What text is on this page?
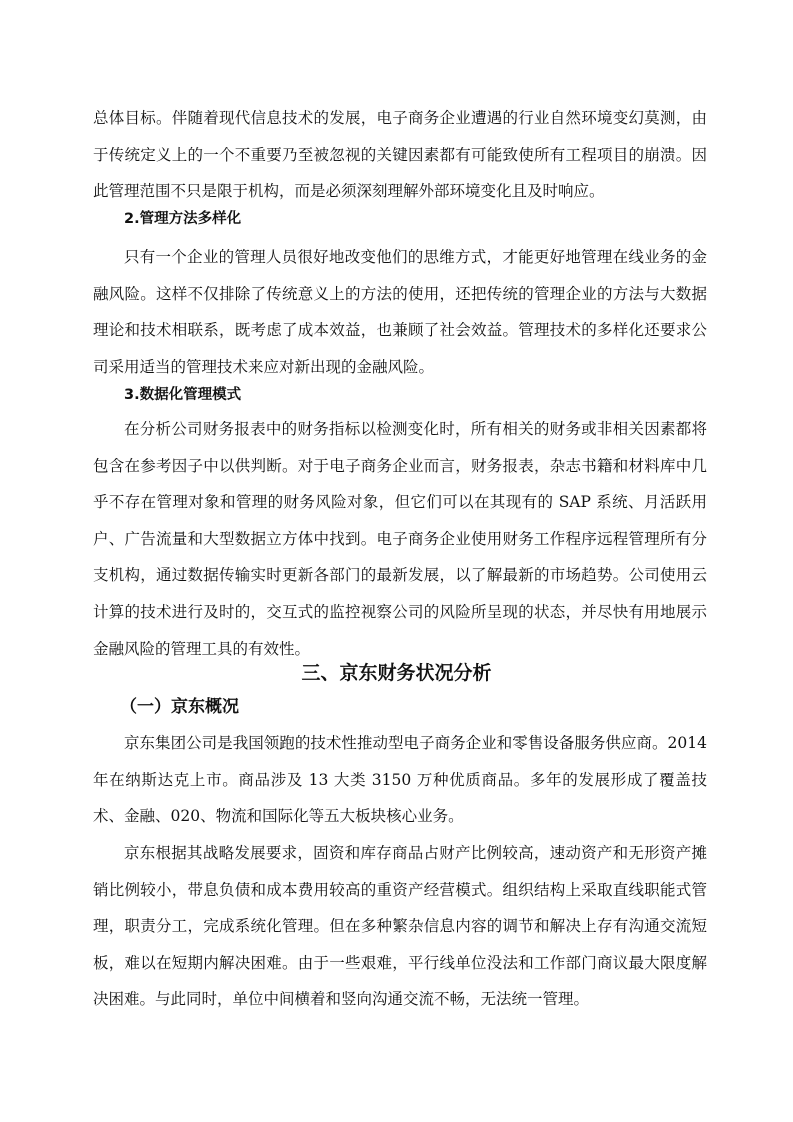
总体目标。伴随着现代信息技术的发展，电子商务企业遭遇的行业自然环境变幻莫测，由于传统定义上的一个不重要乃至被忽视的关键因素都有可能致使所有工程项目的崩溃。因此管理范围不只是限于机构，而是必须深刻理解外部环境变化且及时响应。

2.管理方法多样化

只有一个企业的管理人员很好地改变他们的思维方式，才能更好地管理在线业务的金融风险。这样不仅排除了传统意义上的方法的使用，还把传统的管理企业的方法与大数据理论和技术相联系，既考虑了成本效益，也兼顾了社会效益。管理技术的多样化还要求公司采用适当的管理技术来应对新出现的金融风险。

3.数据化管理模式

在分析公司财务报表中的财务指标以检测变化时，所有相关的财务或非相关因素都将包含在参考因子中以供判断。对于电子商务企业而言，财务报表，杂志书籍和材料库中几乎不存在管理对象和管理的财务风险对象，但它们可以在其现有的 SAP 系统、月活跃用户、广告流量和大型数据立方体中找到。电子商务企业使用财务工作程序远程管理所有分支机构，通过数据传输实时更新各部门的最新发展，以了解最新的市场趋势。公司使用云计算的技术进行及时的，交互式的监控视察公司的风险所呈现的状态，并尽快有用地展示金融风险的管理工具的有效性。

三、京东财务状况分析
（一）京东概况

京东集团公司是我国领跑的技术性推动型电子商务企业和零售设备服务供应商。2014 年在纳斯达克上市。商品涉及 13 大类 3150 万种优质商品。多年的发展形成了覆盖技术、金融、020、物流和国际化等五大板块核心业务。

京东根据其战略发展要求，固资和库存商品占财产比例较高，速动资产和无形资产摊销比例较小，带息负债和成本费用较高的重资产经营模式。组织结构上采取直线职能式管理，职责分工，完成系统化管理。但在多种繁杂信息内容的调节和解决上存有沟通交流短板，难以在短期内解决困难。由于一些艰难，平行线单位没法和工作部门商议最大限度解决困难。与此同时，单位中间横着和竖向沟通交流不畅，无法统一管理。
